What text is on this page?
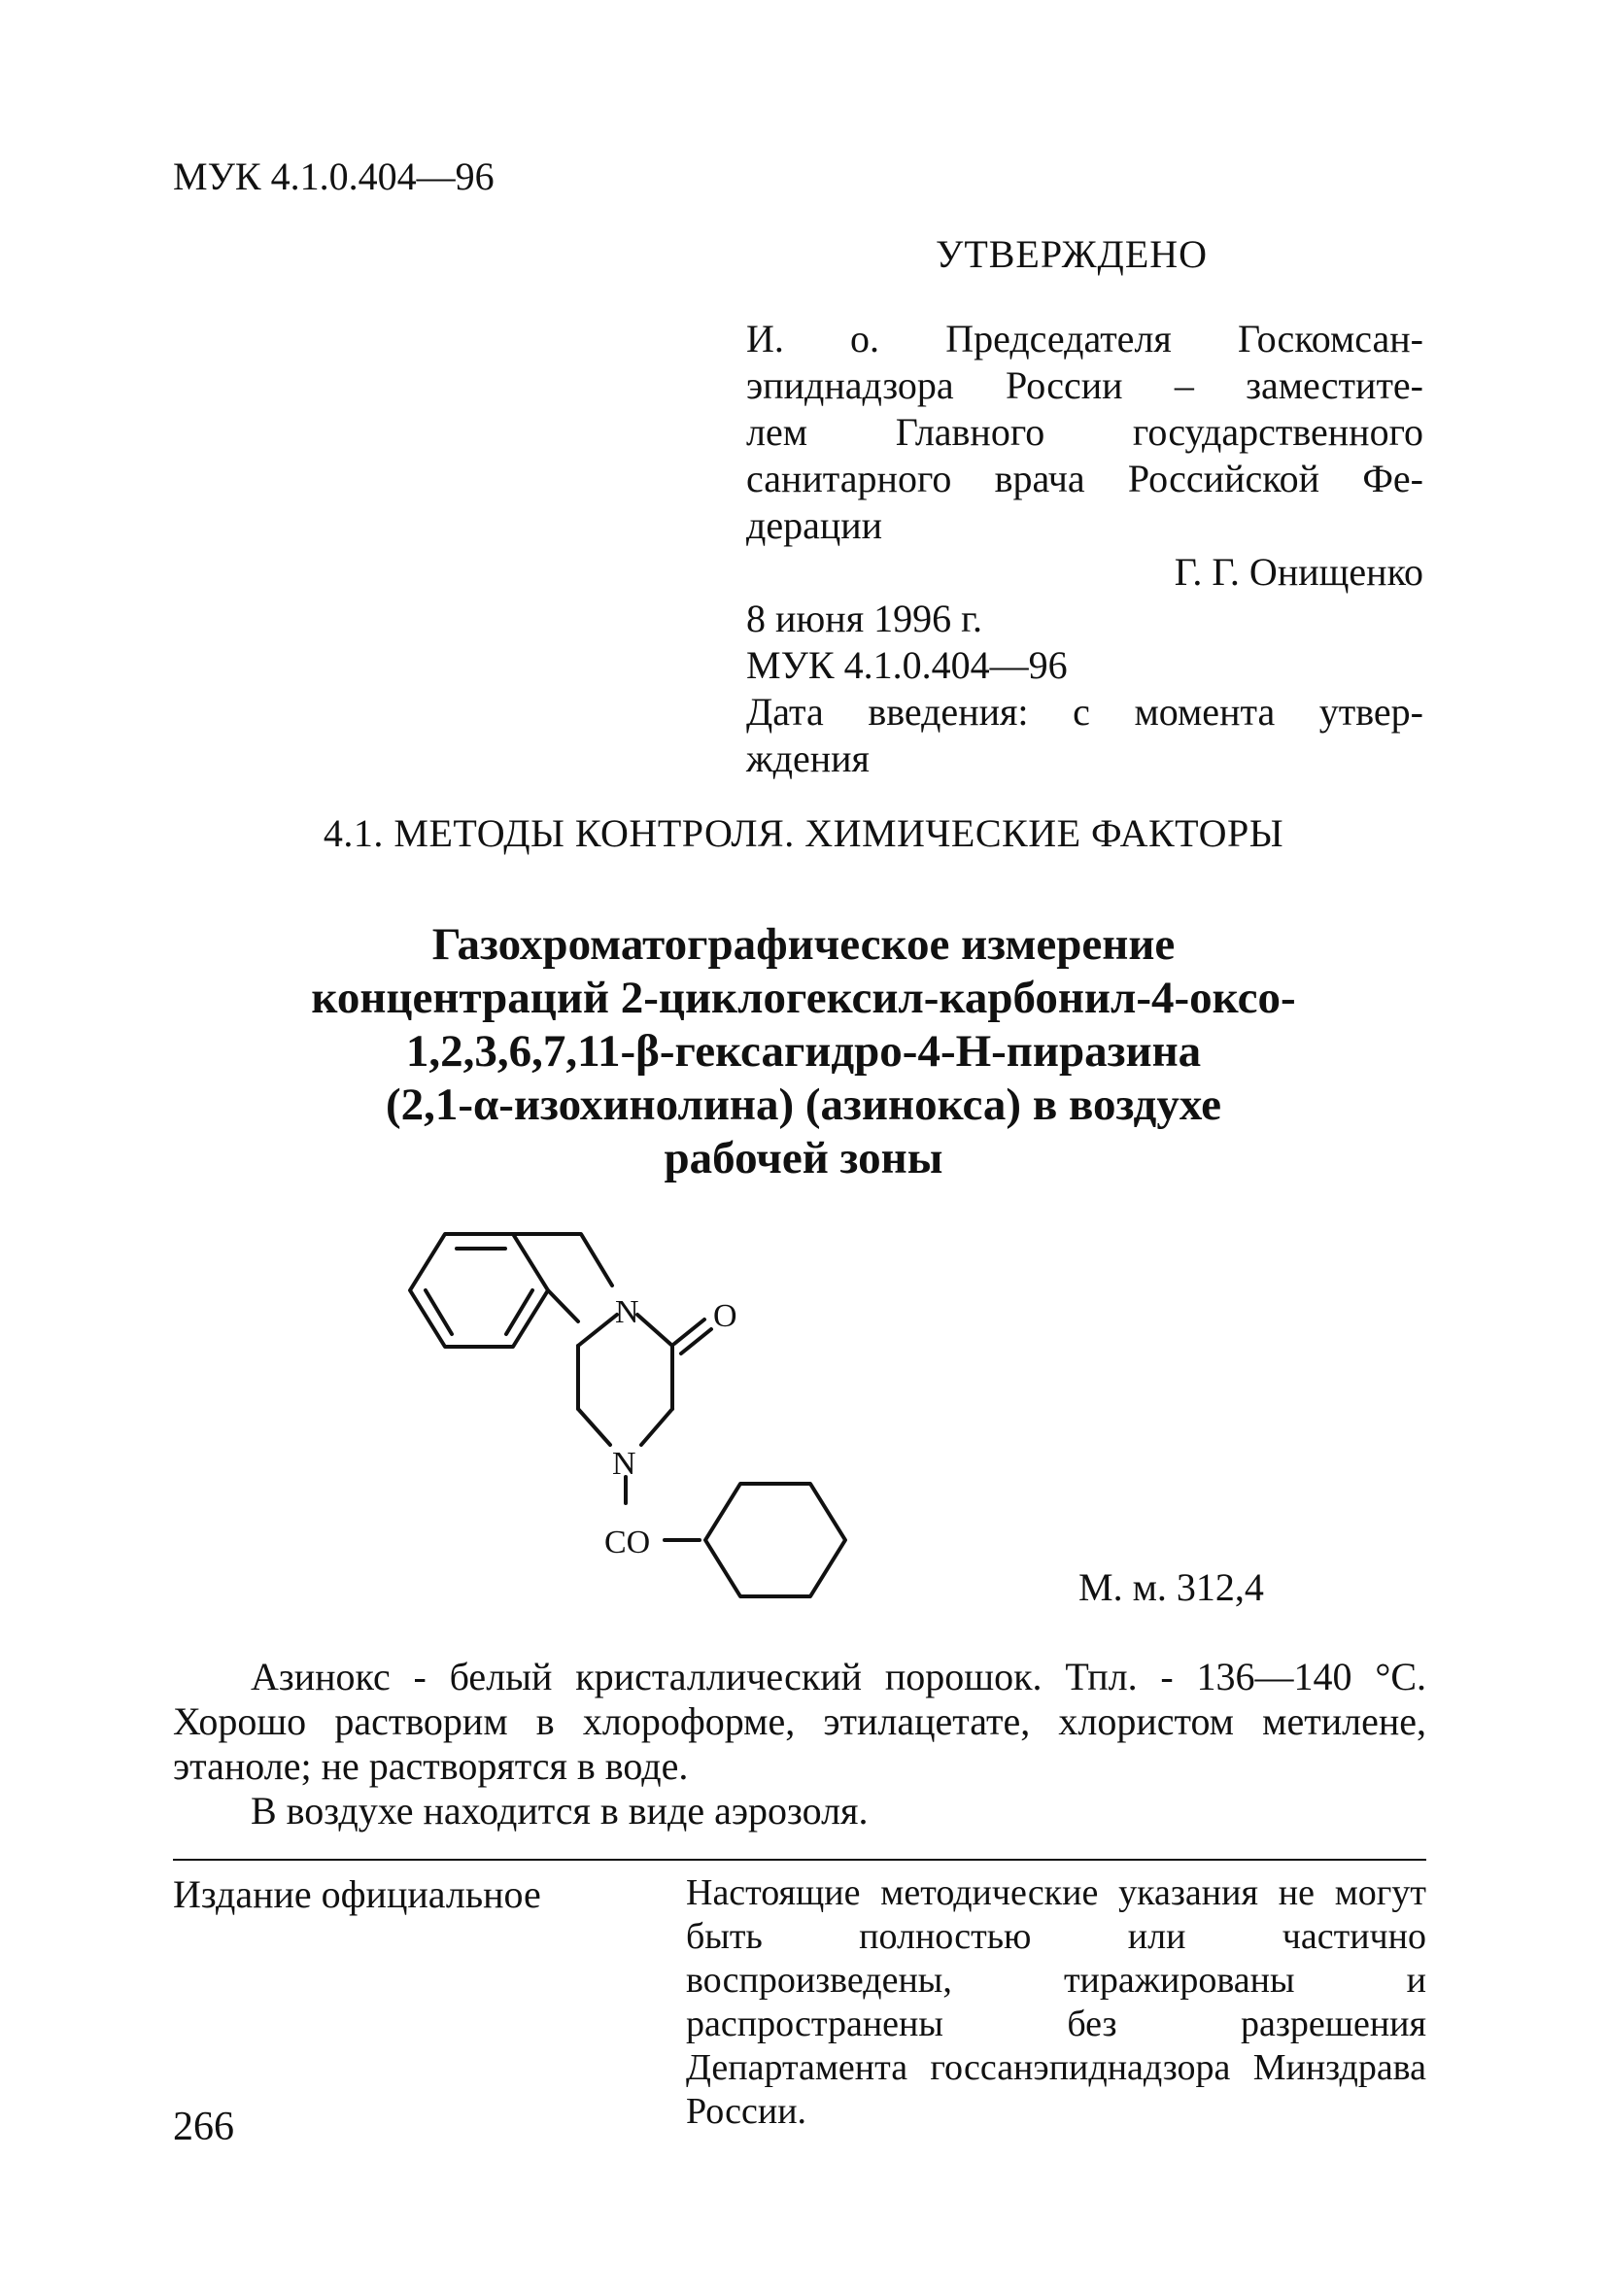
МУК 4.1.0.404—96
УТВЕРЖДЕНО
И. о. Председателя Госкомсан-
эпиднадзора России – заместите-
лем Главного государственного
санитарного врача Российской Фе-
дерации
Г. Г. Онищенко
8 июня 1996 г.
МУК 4.1.0.404—96
Дата введения: с момента утвер-
ждения
4.1. МЕТОДЫ КОНТРОЛЯ. ХИМИЧЕСКИЕ ФАКТОРЫ
Газохроматографическое измерение
концентраций 2-циклогексил-карбонил-4-оксо-
1,2,3,6,7,11-β-гексагидро-4-Н-пиразина
(2,1-α-изохинолина) (азинокса) в воздухе
рабочей зоны
N O
N
CO
М. м. 312,4

Азинокс - белый кристаллический порошок. Тпл. - 136—140 °С. Хорошо растворим в хлороформе, этилацетате, хлористом метилене, этаноле; не растворятся в воде.

В воздухе находится в виде аэрозоля.

Издание официальное	Настоящие методические указания не могут быть полностью или частично воспроизведены, тиражированы и распространены без разрешения Департамента госсанэпиднадзора Минздрава России.
266
